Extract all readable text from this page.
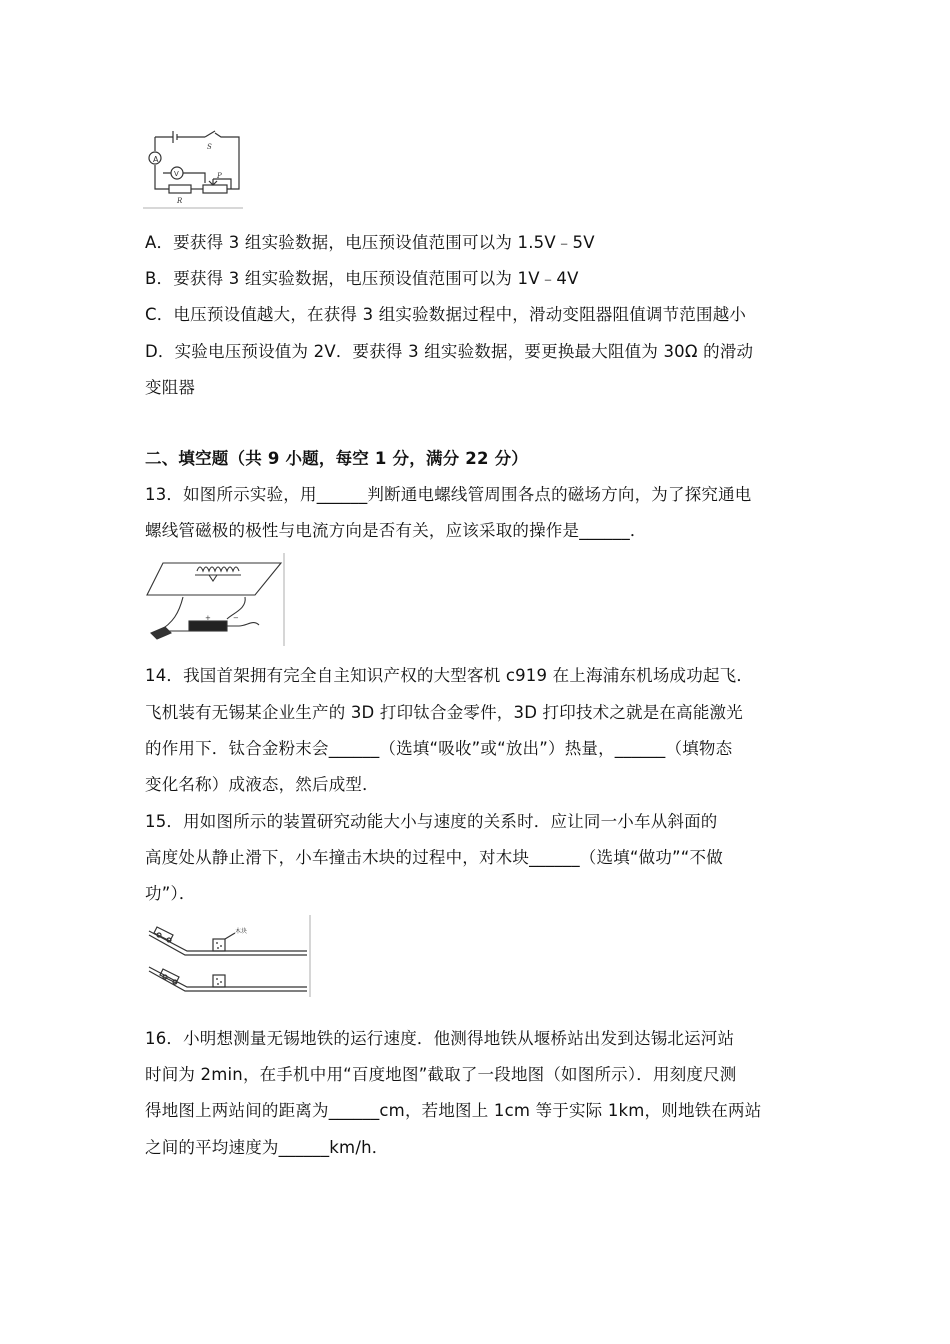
A
V
S
P
R
A．要获得 3 组实验数据，电压预设值范围可以为 1.5V﹣5V
B．要获得 3 组实验数据，电压预设值范围可以为 1V﹣4V
C．电压预设值越大，在获得 3 组实验数据过程中，滑动变阻器阻值调节范围越小
D．实验电压预设值为 2V．要获得 3 组实验数据，要更换最大阻值为 30Ω 的滑动
变阻器
二、填空题（共 9 小题，每空 1 分，满分 22 分）
13．如图所示实验，用______判断通电螺线管周围各点的磁场方向，为了探究通电
螺线管磁极的极性与电流方向是否有关，应该采取的操作是______．
+	−
14．我国首架拥有完全自主知识产权的大型客机 c919 在上海浦东机场成功起飞．
飞机装有无锡某企业生产的 3D 打印钛合金零件，3D 打印技术之就是在高能激光
的作用下．钛合金粉末会______（选填“吸收”或“放出”）热量，______（填物态
变化名称）成液态，然后成型．
15．用如图所示的装置研究动能大小与速度的关系时．应让同一小车从斜面的
高度处从静止滑下，小车撞击木块的过程中，对木块______（选填“做功”“不做
功”）．
木块
16．小明想测量无锡地铁的运行速度．他测得地铁从堰桥站出发到达锡北运河站
时间为 2min，在手机中用“百度地图”截取了一段地图（如图所示）．用刻度尺测
得地图上两站间的距离为______cm，若地图上 1cm 等于实际 1km，则地铁在两站
之间的平均速度为______km/h．
